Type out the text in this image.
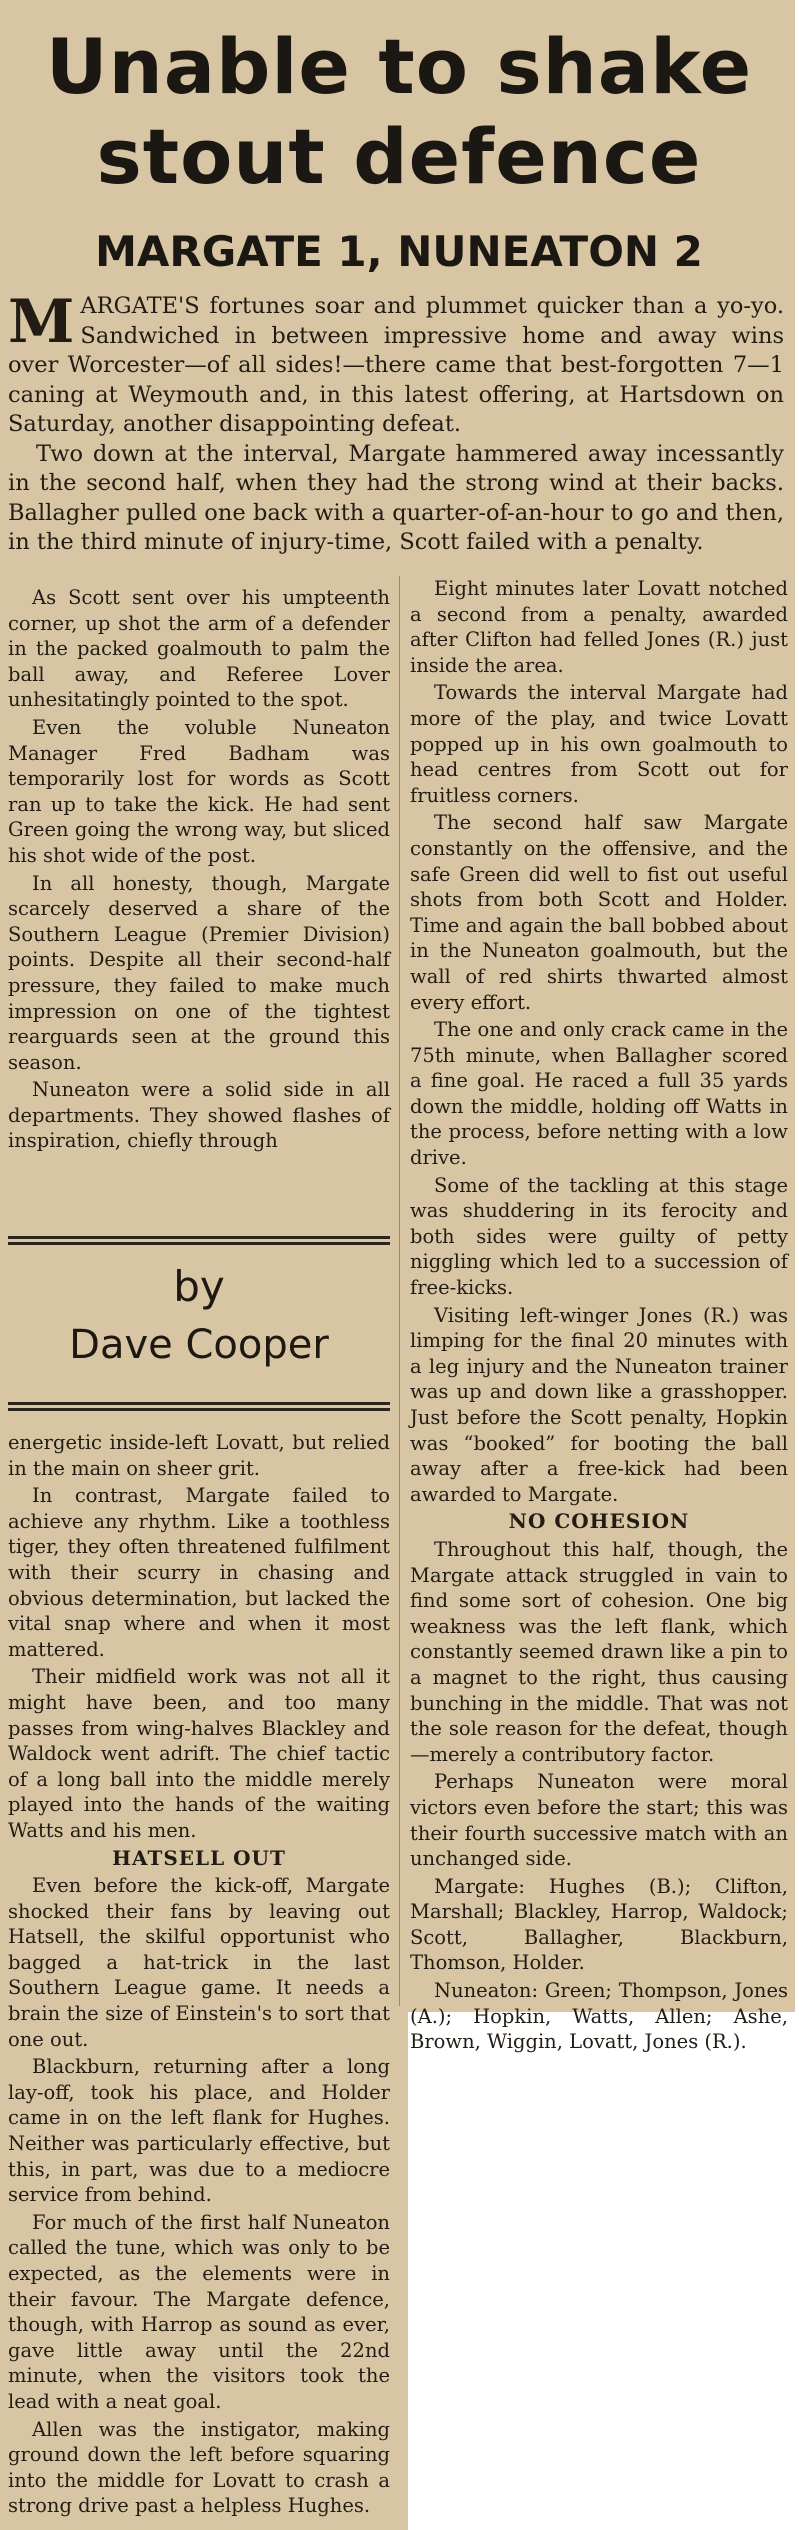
Unable to shake
stout defence
MARGATE 1, NUNEATON 2

MARGATE'S fortunes soar and plummet quicker than a yo-yo. Sandwiched in between impressive home and away wins over Worcester—of all sides!—there came that best-forgotten 7—1 caning at Weymouth and, in this latest offering, at Hartsdown on Saturday, another disappointing defeat.

Two down at the interval, Margate hammered away incessantly in the second half, when they had the strong wind at their backs. Ballagher pulled one back with a quarter-of-an-hour to go and then, in the third minute of injury-time, Scott failed with a penalty.

As Scott sent over his umpteenth corner, up shot the arm of a defender in the packed goalmouth to palm the ball away, and Referee Lover unhesitatingly pointed to the spot.

Even the voluble Nuneaton Manager Fred Badham was temporarily lost for words as Scott ran up to take the kick. He had sent Green going the wrong way, but sliced his shot wide of the post.

In all honesty, though, Margate scarcely deserved a share of the Southern League (Premier Division) points. Despite all their second-half pressure, they failed to make much impression on one of the tightest rearguards seen at the ground this season.

Nuneaton were a solid side in all departments. They showed flashes of inspiration, chiefly through

by
Dave Cooper

energetic inside-left Lovatt, but relied in the main on sheer grit.

In contrast, Margate failed to achieve any rhythm. Like a toothless tiger, they often threatened fulfilment with their scurry in chasing and obvious determination, but lacked the vital snap where and when it most mattered.

Their midfield work was not all it might have been, and too many passes from wing-halves Blackley and Waldock went adrift. The chief tactic of a long ball into the middle merely played into the hands of the waiting Watts and his men.

HATSELL OUT

Even before the kick-off, Margate shocked their fans by leaving out Hatsell, the skilful opportunist who bagged a hat-trick in the last Southern League game. It needs a brain the size of Einstein's to sort that one out.

Blackburn, returning after a long lay-off, took his place, and Holder came in on the left flank for Hughes. Neither was particularly effective, but this, in part, was due to a mediocre service from behind.

For much of the first half Nuneaton called the tune, which was only to be expected, as the elements were in their favour. The Margate defence, though, with Harrop as sound as ever, gave little away until the 22nd minute, when the visitors took the lead with a neat goal.

Allen was the instigator, making ground down the left before squaring into the middle for Lovatt to crash a strong drive past a helpless Hughes.

Eight minutes later Lovatt notched a second from a penalty, awarded after Clifton had felled Jones (R.) just inside the area.

Towards the interval Margate had more of the play, and twice Lovatt popped up in his own goalmouth to head centres from Scott out for fruitless corners.

The second half saw Margate constantly on the offensive, and the safe Green did well to fist out useful shots from both Scott and Holder. Time and again the ball bobbed about in the Nuneaton goalmouth, but the wall of red shirts thwarted almost every effort.

The one and only crack came in the 75th minute, when Ballagher scored a fine goal. He raced a full 35 yards down the middle, holding off Watts in the process, before netting with a low drive.

Some of the tackling at this stage was shuddering in its ferocity and both sides were guilty of petty niggling which led to a succession of free-kicks.

Visiting left-winger Jones (R.) was limping for the final 20 minutes with a leg injury and the Nuneaton trainer was up and down like a grasshopper. Just before the Scott penalty, Hopkin was “booked” for booting the ball away after a free-kick had been awarded to Margate.

NO COHESION

Throughout this half, though, the Margate attack struggled in vain to find some sort of cohesion. One big weakness was the left flank, which constantly seemed drawn like a pin to a magnet to the right, thus causing bunching in the middle. That was not the sole reason for the defeat, though—merely a contributory factor.

Perhaps Nuneaton were moral victors even before the start; this was their fourth successive match with an unchanged side.

Margate: Hughes (B.); Clifton, Marshall; Blackley, Harrop, Waldock; Scott, Ballagher, Blackburn, Thomson, Holder.

Nuneaton: Green; Thompson, Jones (A.); Hopkin, Watts, Allen; Ashe, Brown, Wiggin, Lovatt, Jones (R.).
